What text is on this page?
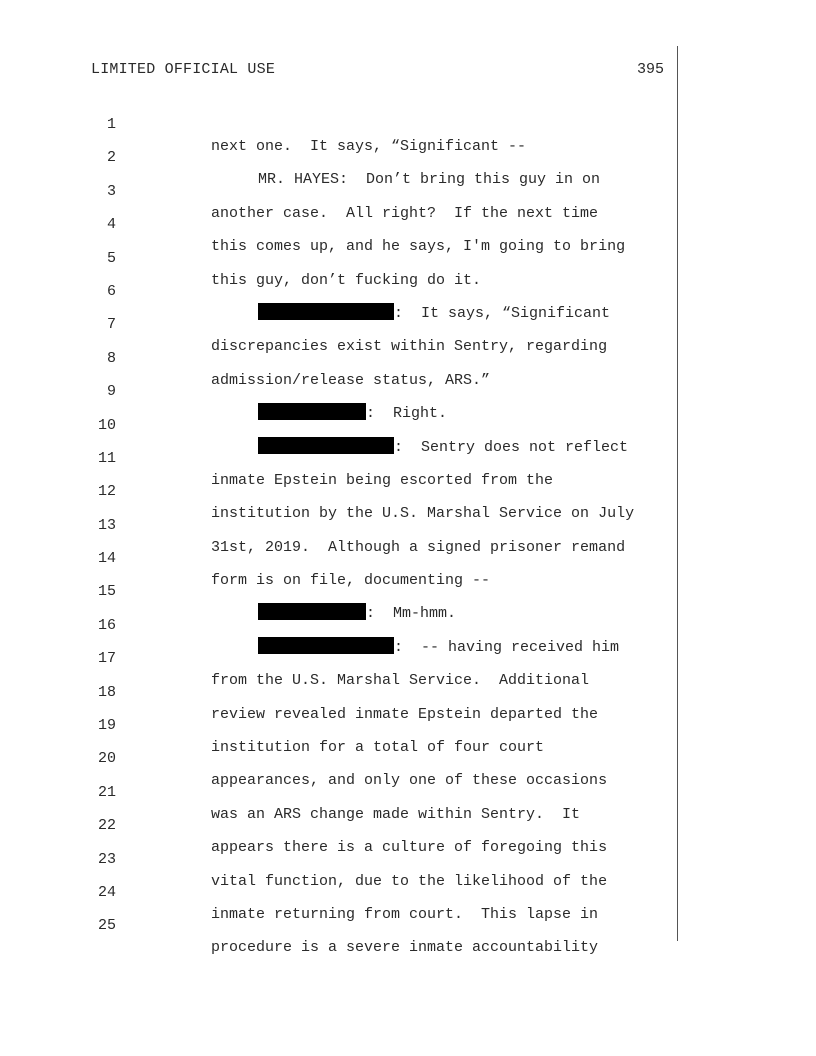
LIMITED OFFICIAL USE	395

1

next one.  It says, “Significant --

2

MR. HAYES:  Don’t bring this guy in on

3

another case.  All right?  If the next time

4

this comes up, and he says, I'm going to bring

5

this guy, don’t fucking do it.

6

:  It says, “Significant

7

discrepancies exist within Sentry, regarding

8

admission/release status, ARS.”

9

:  Right.

10

:  Sentry does not reflect

11

inmate Epstein being escorted from the

12

institution by the U.S. Marshal Service on July

13

31st, 2019.  Although a signed prisoner remand

14

form is on file, documenting --

15

:  Mm-hmm.

16

:  -- having received him

17

from the U.S. Marshal Service.  Additional

18

review revealed inmate Epstein departed the

19

institution for a total of four court

20

appearances, and only one of these occasions

21

was an ARS change made within Sentry.  It

22

appears there is a culture of foregoing this

23

vital function, due to the likelihood of the

24

inmate returning from court.  This lapse in

25

procedure is a severe inmate accountability
